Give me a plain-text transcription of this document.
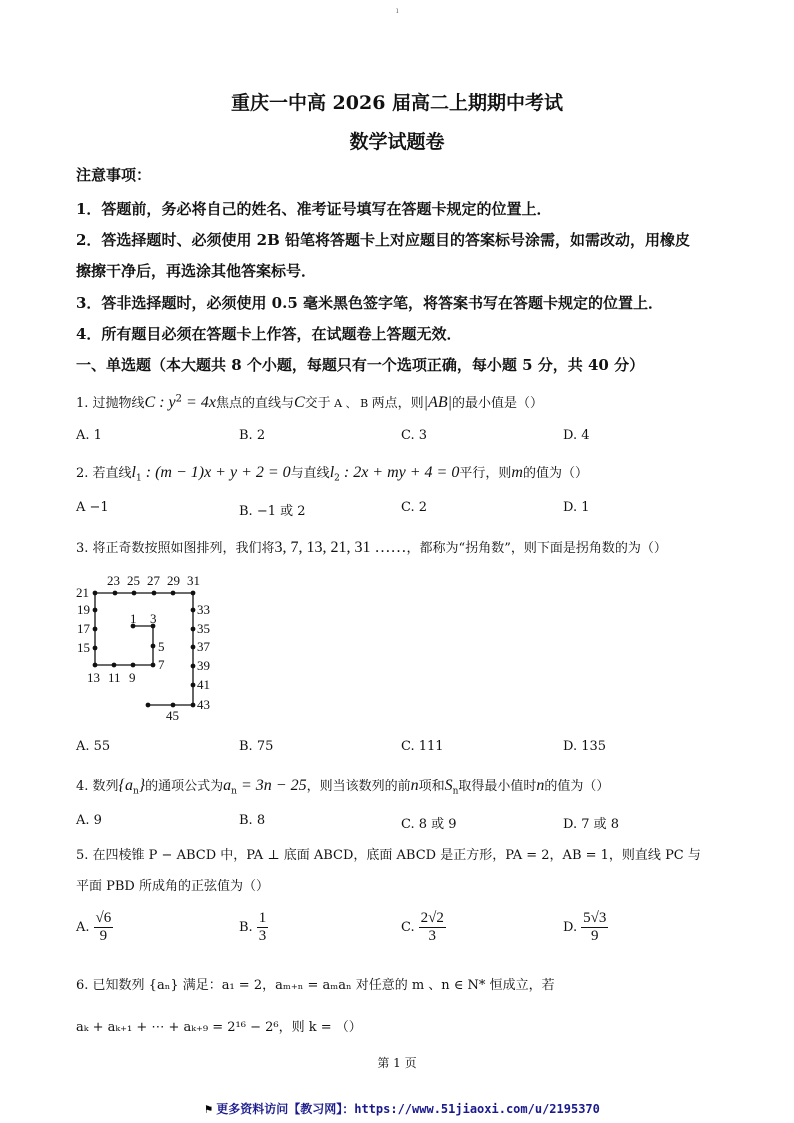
ı
重庆一中高 2026 届高二上期期中考试
数学试题卷
注意事项：
1．答题前，务必将自己的姓名、准考证号填写在答题卡规定的位置上．
2．答选择题时、必须使用 2B 铅笔将答题卡上对应题目的答案标号涂需，如需改动，用橡皮
擦擦干净后，再选涂其他答案标号．
3．答非选择题时，必须使用 0.5 毫米黑色签字笔，将答案书写在答题卡规定的位置上．
4．所有题目必须在答题卡上作答，在试题卷上答题无效．
一、单选题（本大题共 8 个小题，每题只有一个选项正确，每小题 5 分，共 40 分）
1. 过抛物线C : $y^2 = 4x$焦点的直线与C交于 A 、 B 两点，则|AB|的最小值是（）
A. 1	B. 2	C. 3	D. 4
2. 若直线$l_1$ : (m − 1)x + y + 2 = 0与直线$l_2$ : 2x + my + 4 = 0平行，则m的值为（）
A −1	B. −1 或 2	C. 2	D. 1
3. 将正奇数按照如图排列，我们将3, 7, 13, 21, 31 ……，都称为“拐角数”，则下面是拐角数的为（）
23 25 27 29 31
21
19
17
15
13 11 9
1 3
5
7
33
35
37
39
41
43
45
A. 55	B. 75	C. 111	D. 135
4. 数列$\{a_n\}$的通项公式为$a_n = 3n - 25$，则当该数列的前n项和$S_n$取得最小值时n的值为（）
A. 9	B. 8	C. 8 或 9	D. 7 或 8
5. 在四棱锥 P − ABCD 中，PA ⊥ 底面 ABCD，底面 ABCD 是正方形，PA = 2，AB = 1，则直线 PC 与
平面 PBD 所成角的正弦值为（）
A. $\frac{√6}{9}$	B. $\frac{1}{3}$	C. $\frac{2√2}{3}$	D. $\frac{5√3}{9}$
6. 已知数列 {aₙ} 满足：a₁ = 2，aₘ₊ₙ = aₘaₙ 对任意的 m 、n ∈ N* 恒成立，若
aₖ + aₖ₊₁ + ⋯ + aₖ₊₉ = 2¹⁶ − 2⁶，则 k = （）
第 1 页
⚑ 更多资料访问【教习网】：https://www.51jiaoxi.com/u/2195370
